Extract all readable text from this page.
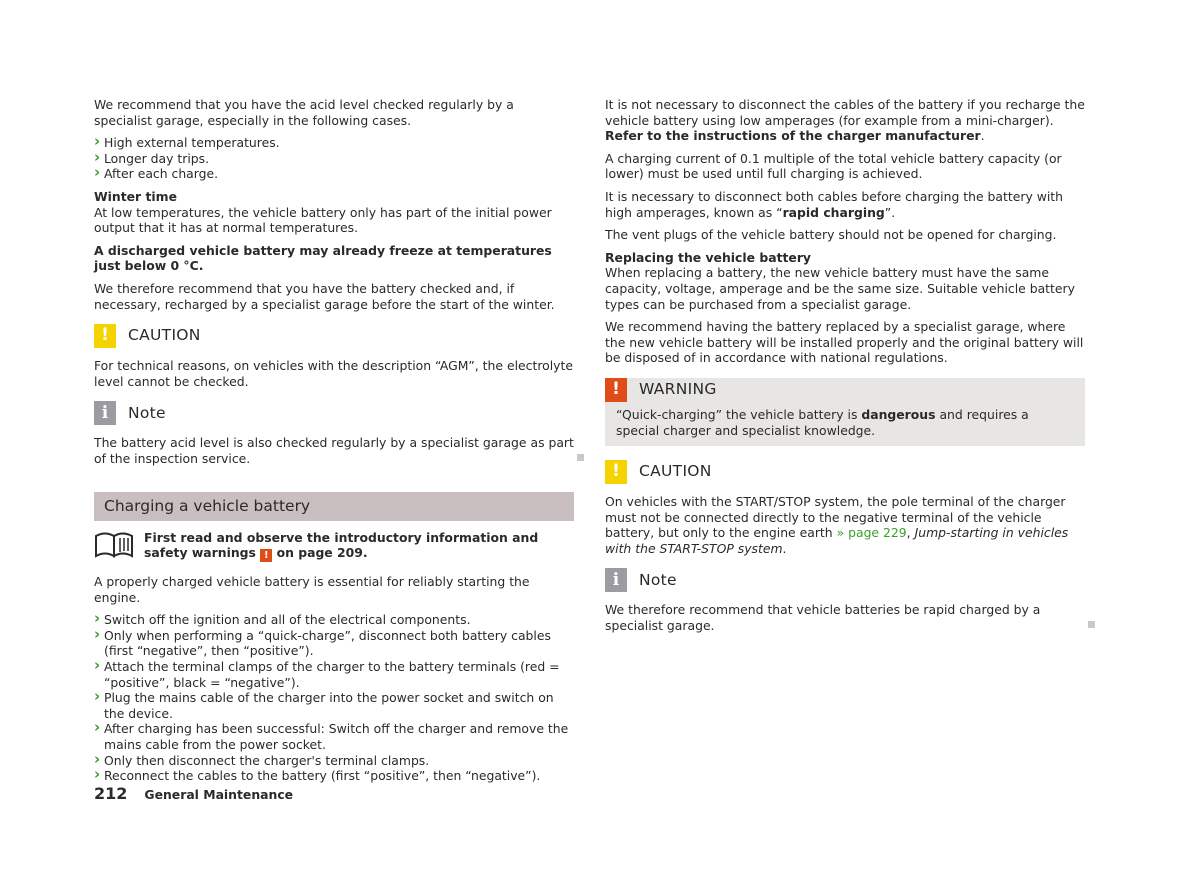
We recommend that you have the acid level checked regularly by a specialist garage, especially in the following cases.

› High external temperatures.
› Longer day trips.
› After each charge.

Winter time

At low temperatures, the vehicle battery only has part of the initial power output that it has at normal temperatures.

A discharged vehicle battery may already freeze at temperatures just below 0 °C.

We therefore recommend that you have the battery checked and, if necessary, recharged by a specialist garage before the start of the winter.

!	CAUTION

For technical reasons, on vehicles with the description “AGM”, the electrolyte level cannot be checked.

i	Note

The battery acid level is also checked regularly by a specialist garage as part of the inspection service.

Charging a vehicle battery
First read and observe the introductory information and safety warnings ! on page 209.

A properly charged vehicle battery is essential for reliably starting the engine.

› Switch off the ignition and all of the electrical components.
› Only when performing a “quick-charge”, disconnect both battery cables (first “negative”, then “positive”).
› Attach the terminal clamps of the charger to the battery terminals (red = “positive”, black = “negative”).
› Plug the mains cable of the charger into the power socket and switch on the device.
› After charging has been successful: Switch off the charger and remove the mains cable from the power socket.
› Only then disconnect the charger's terminal clamps.
› Reconnect the cables to the battery (first “positive”, then “negative”).

It is not necessary to disconnect the cables of the battery if you recharge the vehicle battery using low amperages (for example from a mini-charger). Refer to the instructions of the charger manufacturer.

A charging current of 0.1 multiple of the total vehicle battery capacity (or lower) must be used until full charging is achieved.

It is necessary to disconnect both cables before charging the battery with high amperages, known as “rapid charging”.

The vent plugs of the vehicle battery should not be opened for charging.

Replacing the vehicle battery

When replacing a battery, the new vehicle battery must have the same capacity, voltage, amperage and be the same size. Suitable vehicle battery types can be purchased from a specialist garage.

We recommend having the battery replaced by a specialist garage, where the new vehicle battery will be installed properly and the original battery will be disposed of in accordance with national regulations.

!	WARNING

“Quick-charging” the vehicle battery is dangerous and requires a special charger and specialist knowledge.

!	CAUTION

On vehicles with the START/STOP system, the pole terminal of the charger must not be connected directly to the negative terminal of the vehicle battery, but only to the engine earth » page 229, Jump-starting in vehicles with the START-STOP system.

i	Note

We therefore recommend that vehicle batteries be rapid charged by a specialist garage.

212 General Maintenance
